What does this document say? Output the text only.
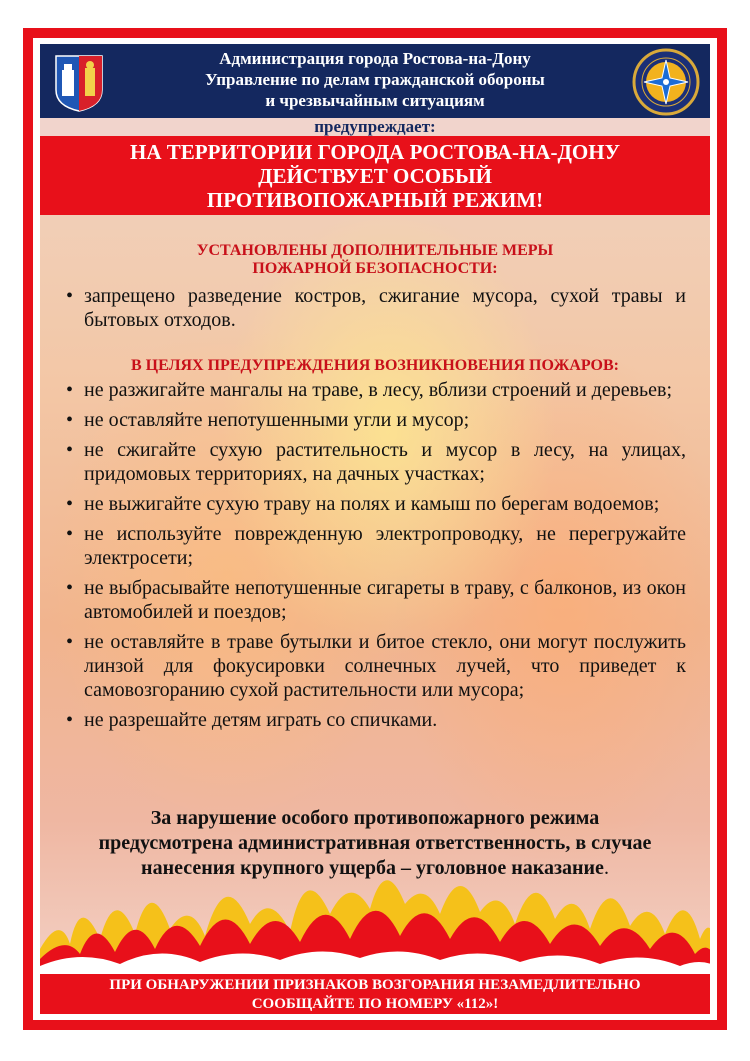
Администрация города Ростова-на-Дону
Управление по делам гражданской обороны
и чрезвычайным ситуациям
предупреждает:
НА ТЕРРИТОРИИ ГОРОДА РОСТОВА-НА-ДОНУ
ДЕЙСТВУЕТ ОСОБЫЙ
ПРОТИВОПОЖАРНЫЙ РЕЖИМ!
УСТАНОВЛЕНЫ ДОПОЛНИТЕЛЬНЫЕ МЕРЫ
ПОЖАРНОЙ БЕЗОПАСНОСТИ:
• запрещено разведение костров, сжигание мусора, сухой травы и бытовых отходов.
В ЦЕЛЯХ ПРЕДУПРЕЖДЕНИЯ ВОЗНИКНОВЕНИЯ ПОЖАРОВ:
• не разжигайте мангалы на траве, в лесу, вблизи строений и деревьев;
• не оставляйте непотушенными угли и мусор;
• не сжигайте сухую растительность и мусор в лесу, на улицах, придомовых территориях, на дачных участках;
• не выжигайте сухую траву на полях и камыш по берегам водоемов;
• не используйте поврежденную электропроводку, не перегружайте электросети;
• не выбрасывайте непотушенные сигареты в траву, с балконов, из окон автомобилей и поездов;
• не оставляйте в траве бутылки и битое стекло, они могут послужить линзой для фокусировки солнечных лучей, что приведет к самовозгоранию сухой растительности или мусора;
• не разрешайте детям играть со спичками.
За нарушение особого противопожарного режима
предусмотрена административная ответственность, в случае
нанесения крупного ущерба – уголовное наказание.
ПРИ ОБНАРУЖЕНИИ ПРИЗНАКОВ ВОЗГОРАНИЯ НЕЗАМЕДЛИТЕЛЬНО
СООБЩАЙТЕ ПО НОМЕРУ «112»!
